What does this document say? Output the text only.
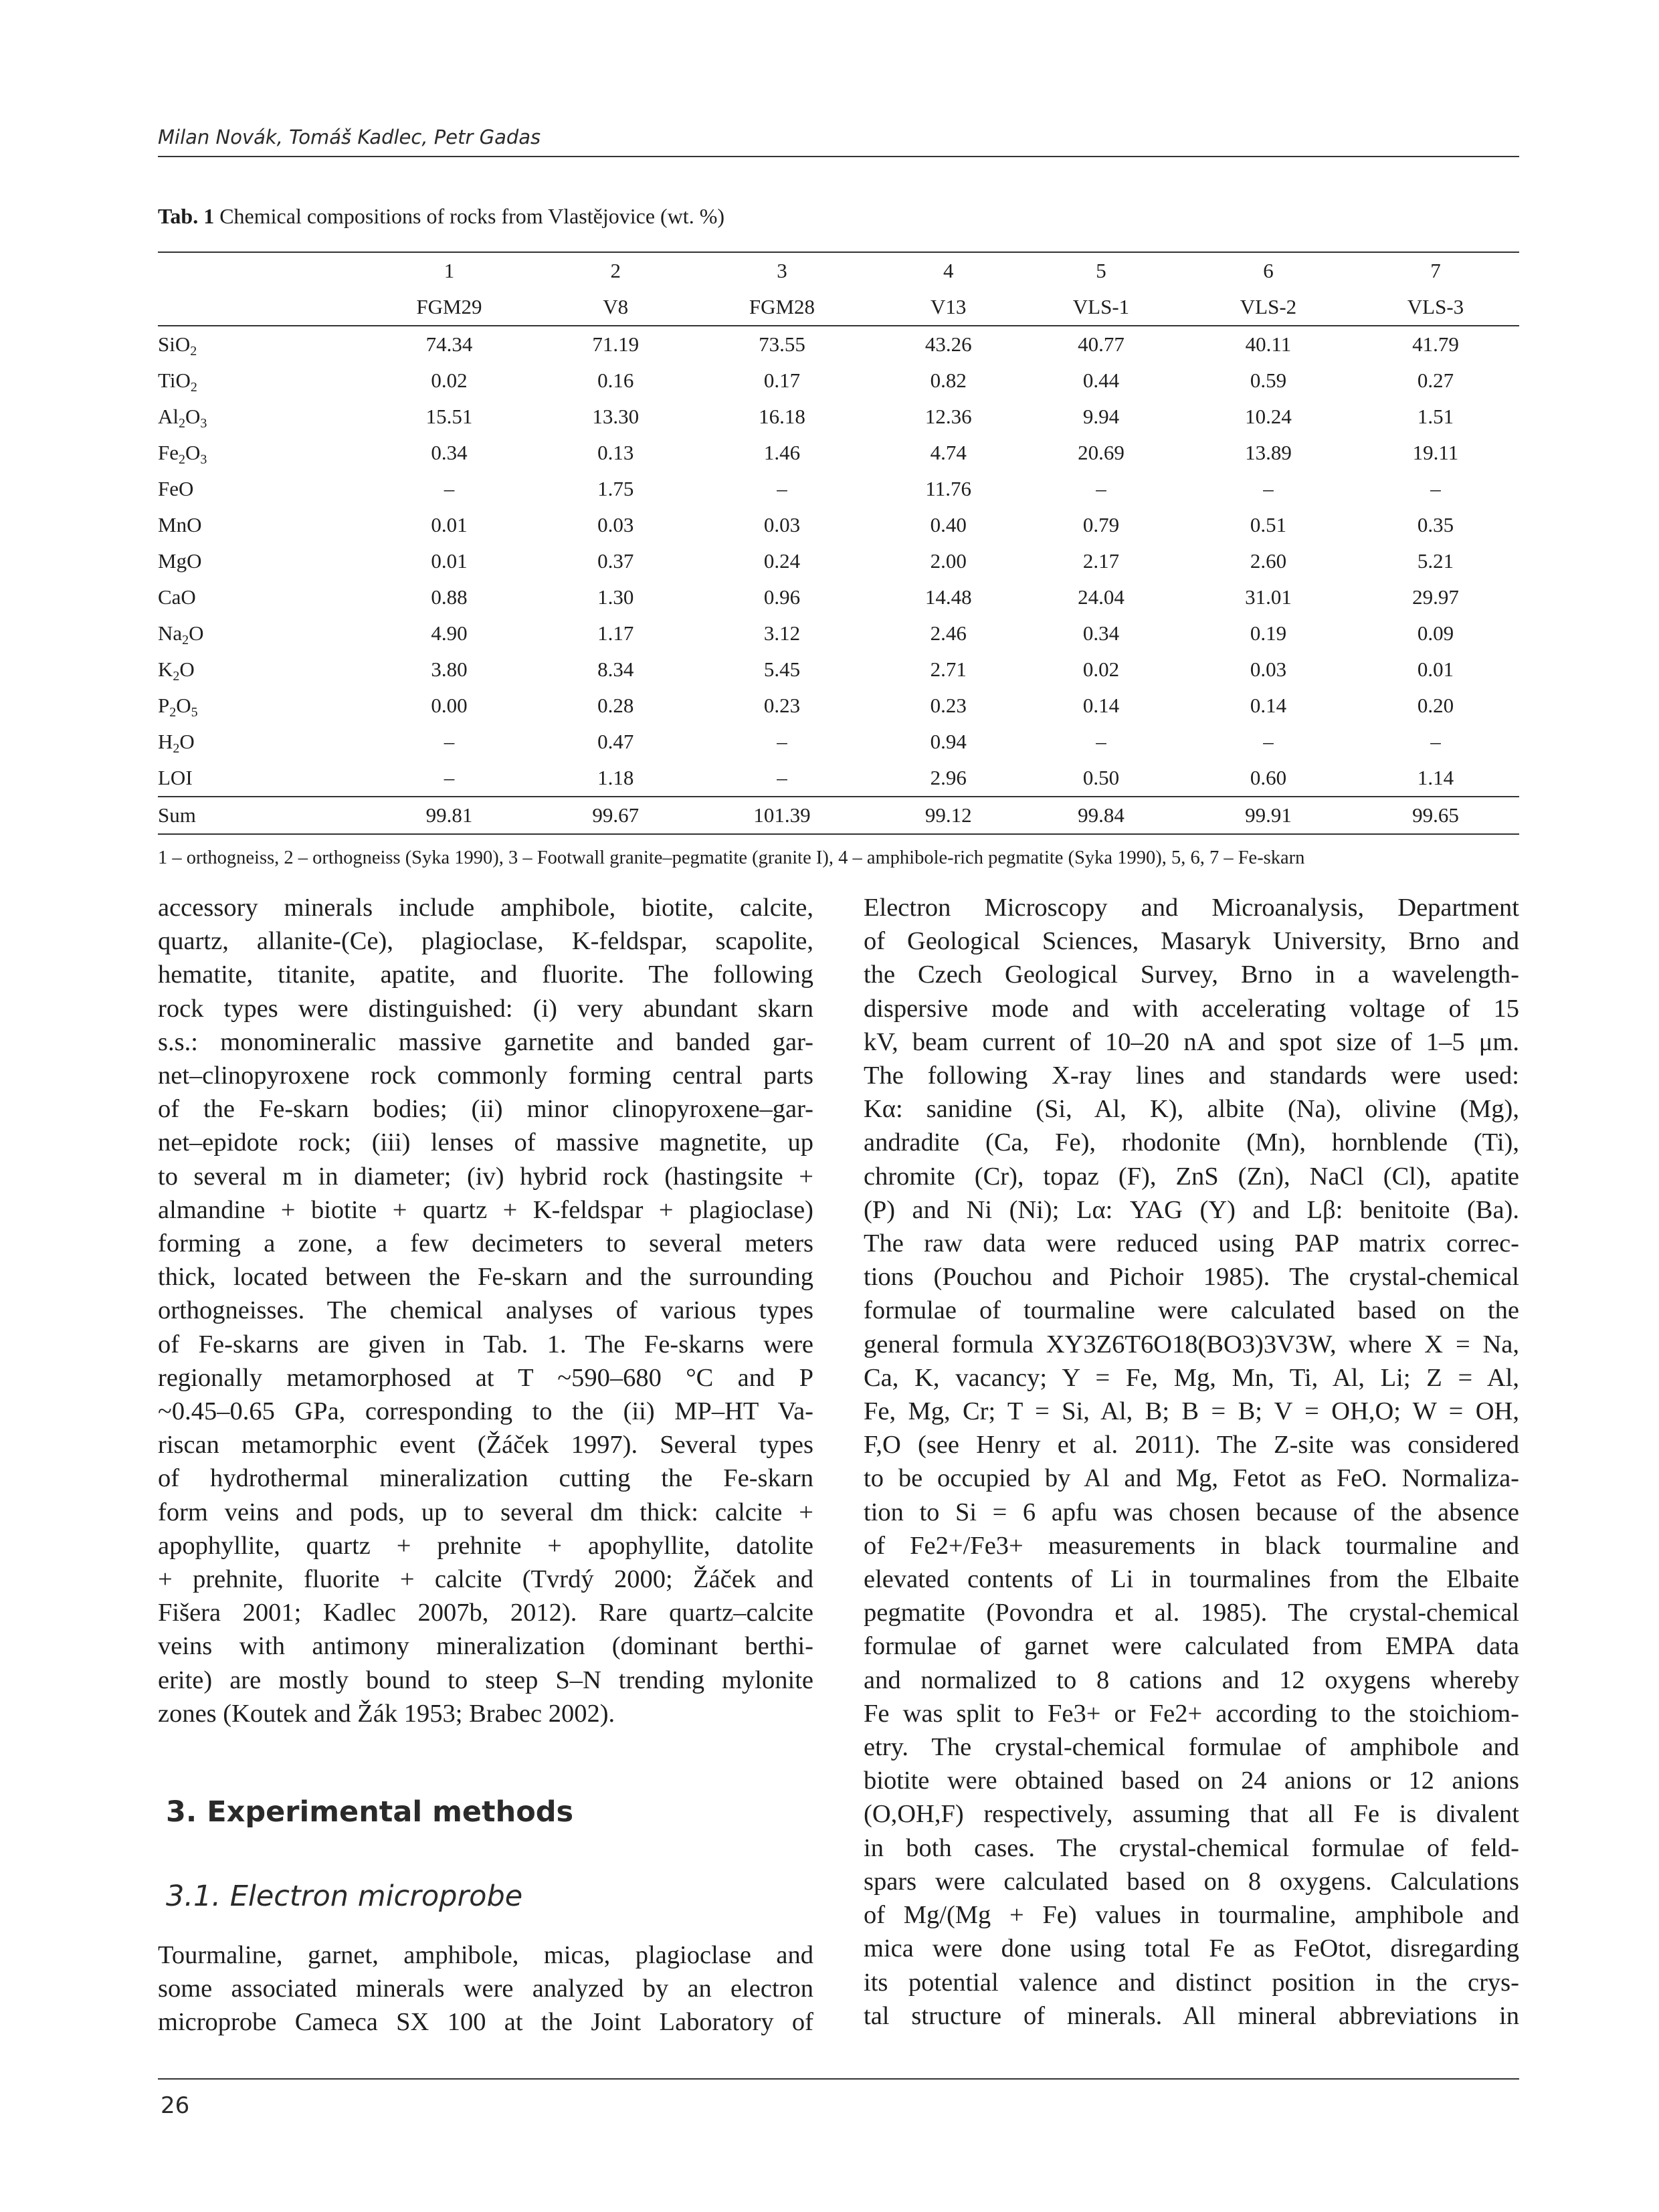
Milan Novák, Tomáš Kadlec, Petr Gadas
Tab. 1 Chemical compositions of rocks from Vlastějovice (wt. %)
	1	2	3	4	5	6	7
	FGM29	V8	FGM28	V13	VLS-1	VLS-2	VLS-3
SiO$_2$	74.34	71.19	73.55	43.26	40.77	40.11	41.79
TiO$_2$	0.02	0.16	0.17	0.82	0.44	0.59	0.27
$Al_2O_3$	15.51	13.30	16.18	12.36	9.94	10.24	1.51
$Fe_2O_3$	0.34	0.13	1.46	4.74	20.69	13.89	19.11
FeO	–	1.75	–	11.76	–	–	–
MnO	0.01	0.03	0.03	0.40	0.79	0.51	0.35
MgO	0.01	0.37	0.24	2.00	2.17	2.60	5.21
CaO	0.88	1.30	0.96	14.48	24.04	31.01	29.97
$Na_2O$	4.90	1.17	3.12	2.46	0.34	0.19	0.09
$K_2O$	3.80	8.34	5.45	2.71	0.02	0.03	0.01
$P_2O_5$	0.00	0.28	0.23	0.23	0.14	0.14	0.20
$H_2O$	–	0.47	–	0.94	–	–	–
LOI	–	1.18	–	2.96	0.50	0.60	1.14
Sum	99.81	99.67	101.39	99.12	99.84	99.91	99.65
1 – orthogneiss, 2 – orthogneiss (Syka 1990), 3 – Footwall granite–pegmatite (granite I), 4 – amphibole-rich pegmatite (Syka 1990), 5, 6, 7 – Fe-skarn

accessory minerals include amphibole, biotite, calcite,

quartz, allanite-(Ce), plagioclase, K-feldspar, scapolite,

hematite, titanite, apatite, and fluorite. The following

rock types were distinguished: (i) very abundant skarn

s.s.: monomineralic massive garnetite and banded gar-

net–clinopyroxene rock commonly forming central parts

of the Fe-skarn bodies; (ii) minor clinopyroxene–gar-

net–epidote rock; (iii) lenses of massive magnetite, up

to several m in diameter; (iv) hybrid rock (hastingsite +

almandine + biotite + quartz + K-feldspar + plagioclase)

forming a zone, a few decimeters to several meters

thick, located between the Fe-skarn and the surrounding

orthogneisses. The chemical analyses of various types

of Fe-skarns are given in Tab. 1. The Fe-skarns were

regionally metamorphosed at T ~590–680 °C and P

~0.45–0.65 GPa, corresponding to the (ii) MP–HT Va-

riscan metamorphic event (Žáček 1997). Several types

of hydrothermal mineralization cutting the Fe-skarn

form veins and pods, up to several dm thick: calcite +

apophyllite, quartz + prehnite + apophyllite, datolite

+ prehnite, fluorite + calcite (Tvrdý 2000; Žáček and

Fišera 2001; Kadlec 2007b, 2012). Rare quartz–calcite

veins with antimony mineralization (dominant berthi-

erite) are mostly bound to steep S–N trending mylonite

zones (Koutek and Žák 1953; Brabec 2002).

3. Experimental methods
3.1. Electron microprobe

Tourmaline, garnet, amphibole, micas, plagioclase and

some associated minerals were analyzed by an electron

microprobe Cameca SX 100 at the Joint Laboratory of

Electron Microscopy and Microanalysis, Department

of Geological Sciences, Masaryk University, Brno and

the Czech Geological Survey, Brno in a wavelength-

dispersive mode and with accelerating voltage of 15

kV, beam current of 10–20 nA and spot size of 1–5 μm.

The following X-ray lines and standards were used:

Kα: sanidine (Si, Al, K), albite (Na), olivine (Mg),

andradite (Ca, Fe), rhodonite (Mn), hornblende (Ti),

chromite (Cr), topaz (F), ZnS (Zn), NaCl (Cl), apatite

(P) and Ni (Ni); Lα: YAG (Y) and Lβ: benitoite (Ba).

The raw data were reduced using PAP matrix correc-

tions (Pouchou and Pichoir 1985). The crystal-chemical

formulae of tourmaline were calculated based on the

general formula XY3Z6T6O18(BO3)3V3W, where X = Na,

Ca, K, vacancy; Y = Fe, Mg, Mn, Ti, Al, Li; Z = Al,

Fe, Mg, Cr; T = Si, Al, B; B = B; V = OH,O; W = OH,

F,O (see Henry et al. 2011). The Z-site was considered

to be occupied by Al and Mg, Fetot as FeO. Normaliza-

tion to Si = 6 apfu was chosen because of the absence

of Fe2+/Fe3+ measurements in black tourmaline and

elevated contents of Li in tourmalines from the Elbaite

pegmatite (Povondra et al. 1985). The crystal-chemical

formulae of garnet were calculated from EMPA data

and normalized to 8 cations and 12 oxygens whereby

Fe was split to Fe3+ or Fe2+ according to the stoichiom-

etry. The crystal-chemical formulae of amphibole and

biotite were obtained based on 24 anions or 12 anions

(O,OH,F) respectively, assuming that all Fe is divalent

in both cases. The crystal-chemical formulae of feld-

spars were calculated based on 8 oxygens. Calculations

of Mg/(Mg + Fe) values in tourmaline, amphibole and

mica were done using total Fe as FeOtot, disregarding

its potential valence and distinct position in the crys-

tal structure of minerals. All mineral abbreviations in

26
